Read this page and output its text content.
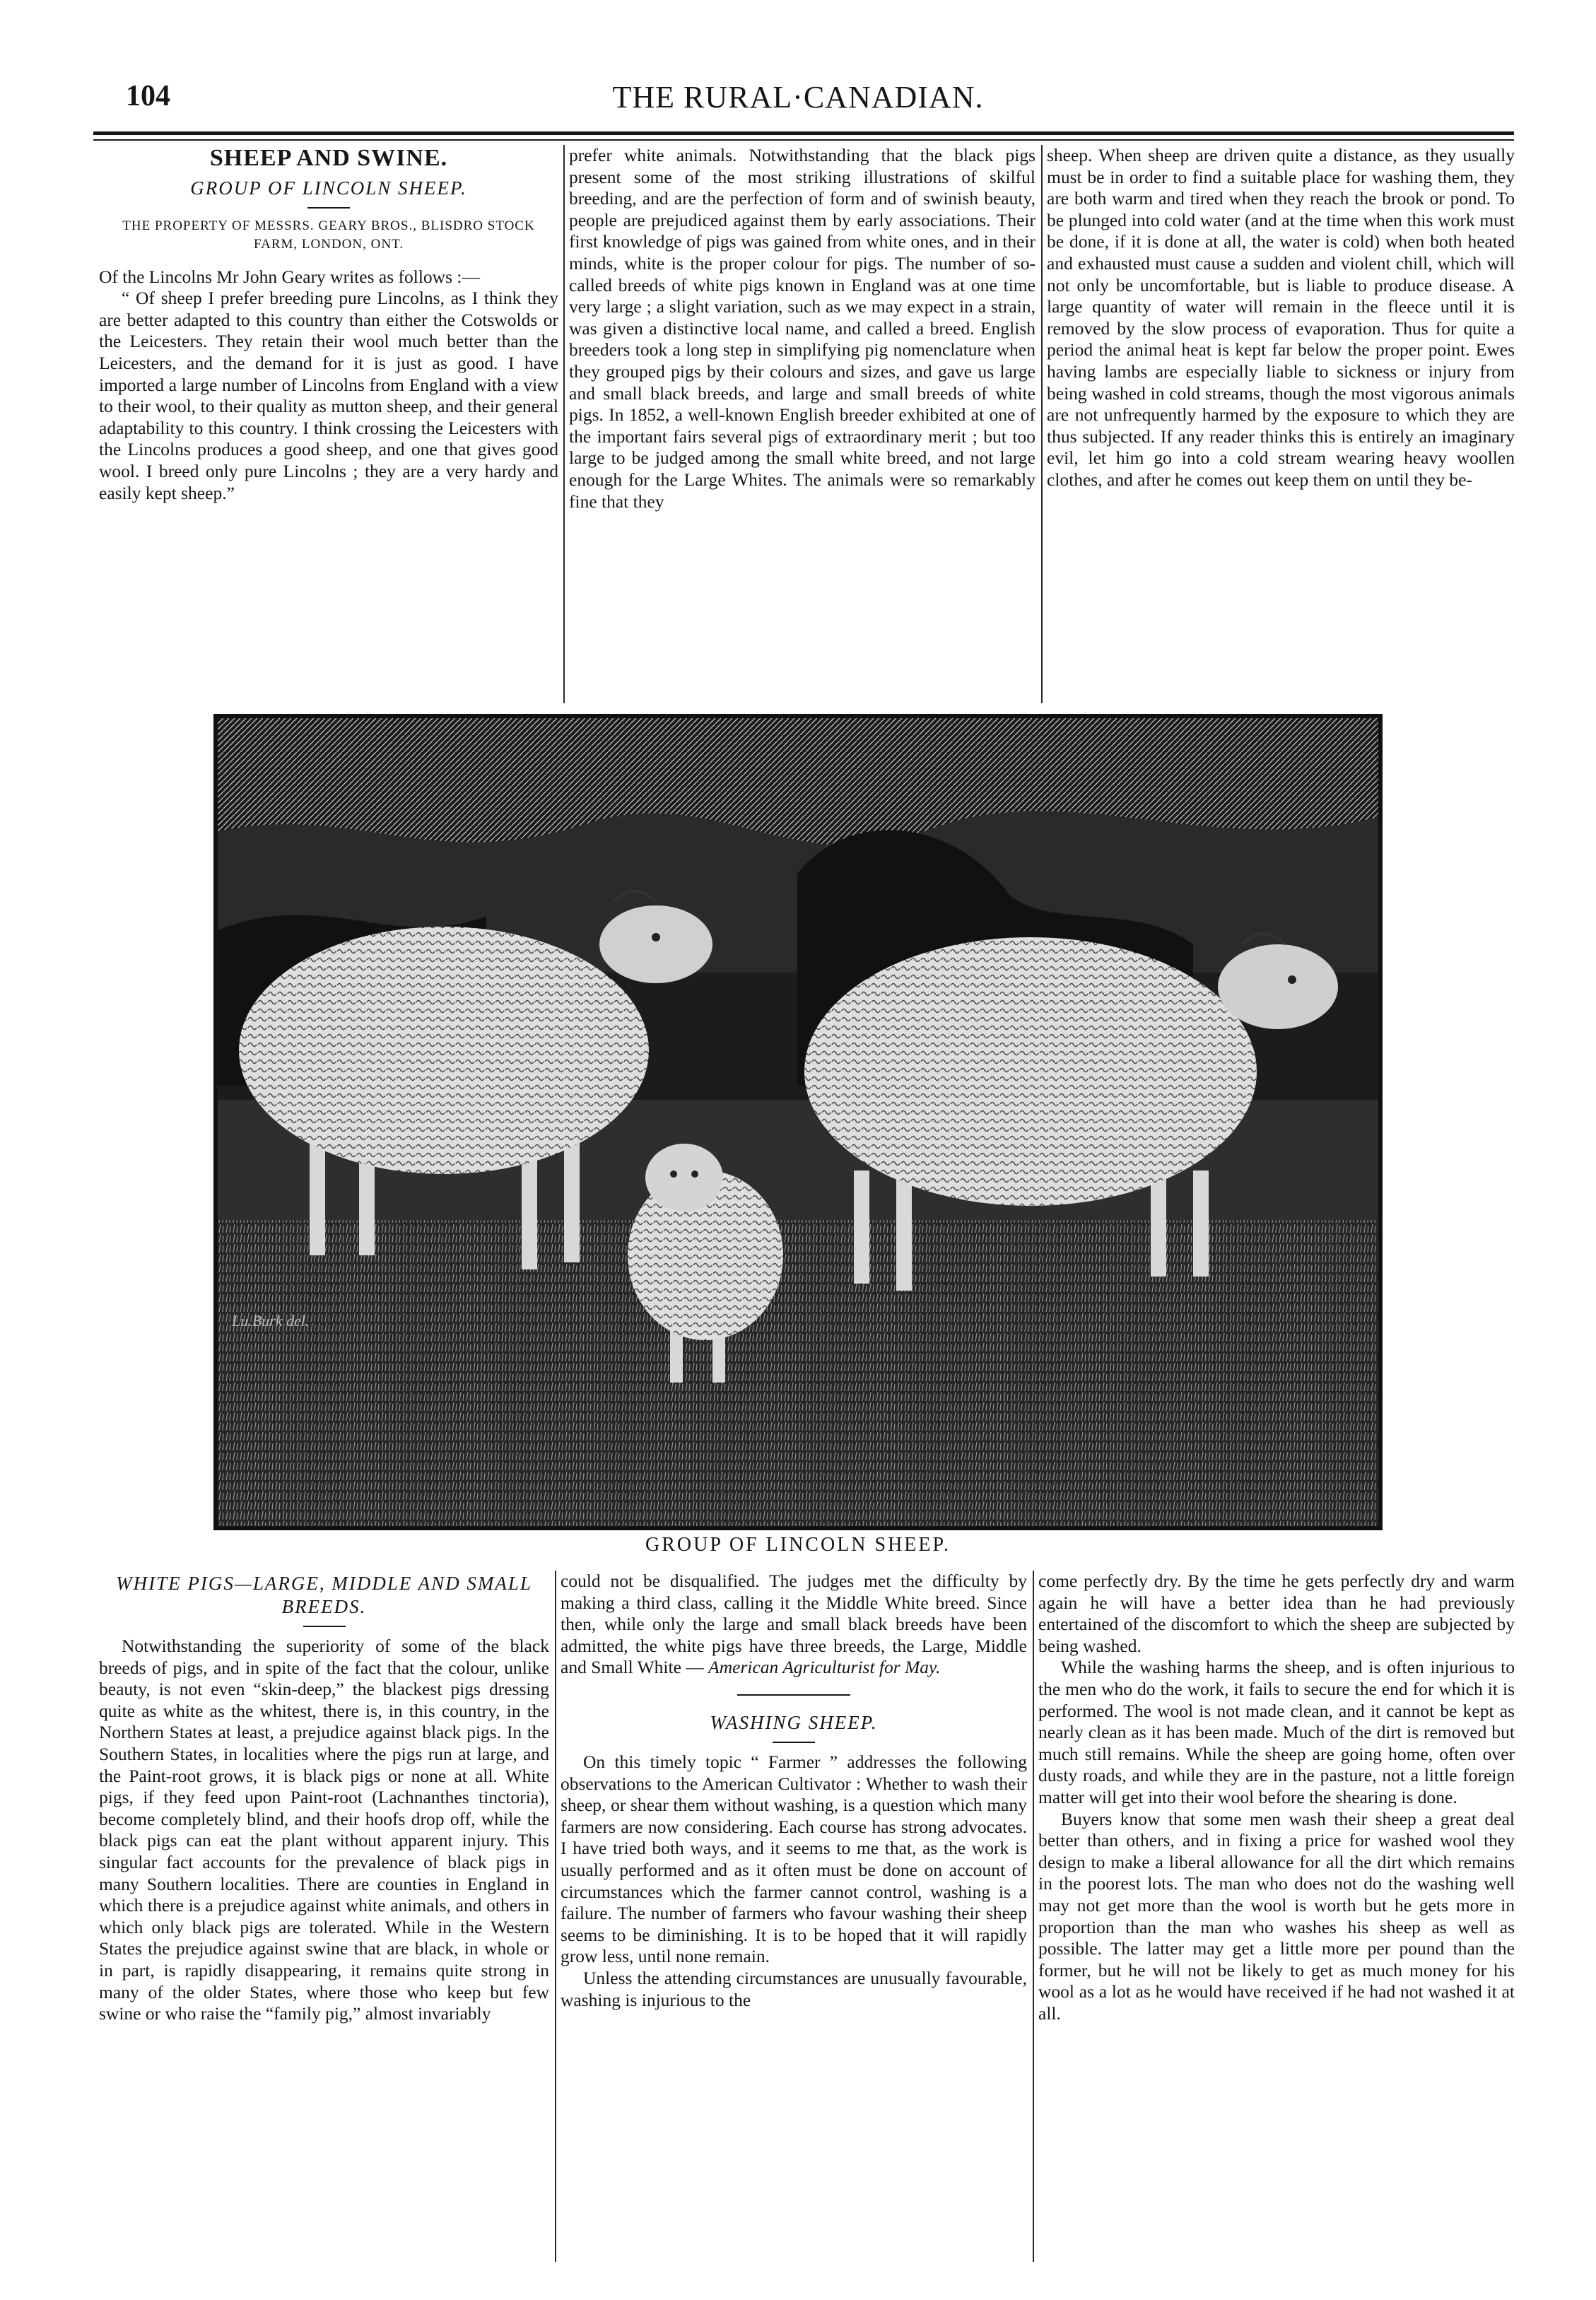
104	THE RURAL·CANADIAN.
SHEEP AND SWINE.
GROUP OF LINCOLN SHEEP.
THE PROPERTY OF MESSRS. GEARY BROS., BLISDRO STOCK FARM, LONDON, ONT.

Of the Lincolns Mr John Geary writes as follows :—

“ Of sheep I prefer breeding pure Lincolns, as I think they are better adapted to this country than either the Cotswolds or the Leicesters. They retain their wool much better than the Leicesters, and the demand for it is just as good. I have imported a large number of Lincolns from England with a view to their wool, to their quality as mutton sheep, and their general adaptability to this country. I think crossing the Leicesters with the Lincolns produces a good sheep, and one that gives good wool. I breed only pure Lincolns ; they are a very hardy and easily kept sheep.”

prefer white animals. Notwithstanding that the black pigs present some of the most striking illustrations of skilful breeding, and are the perfection of form and of swinish beauty, people are prejudiced against them by early associations. Their first knowledge of pigs was gained from white ones, and in their minds, white is the proper colour for pigs. The number of so-called breeds of white pigs known in England was at one time very large ; a slight variation, such as we may expect in a strain, was given a distinctive local name, and called a breed. English breeders took a long step in simplifying pig nomenclature when they grouped pigs by their colours and sizes, and gave us large and small black breeds, and large and small breeds of white pigs. In 1852, a well-known English breeder exhibited at one of the important fairs several pigs of extraordinary merit ; but too large to be judged among the small white breed, and not large enough for the Large Whites. The animals were so remarkably fine that they

sheep. When sheep are driven quite a distance, as they usually must be in order to find a suitable place for washing them, they are both warm and tired when they reach the brook or pond. To be plunged into cold water (and at the time when this work must be done, if it is done at all, the water is cold) when both heated and exhausted must cause a sudden and violent chill, which will not only be uncomfortable, but is liable to produce disease. A large quantity of water will remain in the fleece until it is removed by the slow process of evaporation. Thus for quite a period the animal heat is kept far below the proper point. Ewes having lambs are especially liable to sickness or injury from being washed in cold streams, though the most vigorous animals are not unfrequently harmed by the exposure to which they are thus subjected. If any reader thinks this is entirely an imaginary evil, let him go into a cold stream wearing heavy woollen clothes, and after he comes out keep them on until they be-

Lu.Burk del.
GROUP OF LINCOLN SHEEP.
WHITE PIGS—LARGE, MIDDLE AND SMALL BREEDS.

Notwithstanding the superiority of some of the black breeds of pigs, and in spite of the fact that the colour, unlike beauty, is not even “skin-deep,” the blackest pigs dressing quite as white as the whitest, there is, in this country, in the Northern States at least, a prejudice against black pigs. In the Southern States, in localities where the pigs run at large, and the Paint-root grows, it is black pigs or none at all. White pigs, if they feed upon Paint-root (Lachnanthes tinctoria), become completely blind, and their hoofs drop off, while the black pigs can eat the plant without apparent injury. This singular fact accounts for the prevalence of black pigs in many Southern localities. There are counties in England in which there is a prejudice against white animals, and others in which only black pigs are tolerated. While in the Western States the prejudice against swine that are black, in whole or in part, is rapidly disappearing, it remains quite strong in many of the older States, where those who keep but few swine or who raise the “family pig,” almost invariably

could not be disqualified. The judges met the difficulty by making a third class, calling it the Middle White breed. Since then, while only the large and small black breeds have been admitted, the white pigs have three breeds, the Large, Middle and Small White — American Agriculturist for May.

WASHING SHEEP.

On this timely topic “ Farmer ” addresses the following observations to the American Cultivator : Whether to wash their sheep, or shear them without washing, is a question which many farmers are now considering. Each course has strong advocates. I have tried both ways, and it seems to me that, as the work is usually performed and as it often must be done on account of circumstances which the farmer cannot control, washing is a failure. The number of farmers who favour washing their sheep seems to be diminishing. It is to be hoped that it will rapidly grow less, until none remain.

Unless the attending circumstances are unusually favourable, washing is injurious to the

come perfectly dry. By the time he gets perfectly dry and warm again he will have a better idea than he had previously entertained of the discomfort to which the sheep are subjected by being washed.

While the washing harms the sheep, and is often injurious to the men who do the work, it fails to secure the end for which it is performed. The wool is not made clean, and it cannot be kept as nearly clean as it has been made. Much of the dirt is removed but much still remains. While the sheep are going home, often over dusty roads, and while they are in the pasture, not a little foreign matter will get into their wool before the shearing is done.

Buyers know that some men wash their sheep a great deal better than others, and in fixing a price for washed wool they design to make a liberal allowance for all the dirt which remains in the poorest lots. The man who does not do the washing well may not get more than the wool is worth but he gets more in proportion than the man who washes his sheep as well as possible. The latter may get a little more per pound than the former, but he will not be likely to get as much money for his wool as a lot as he would have received if he had not washed it at all.
